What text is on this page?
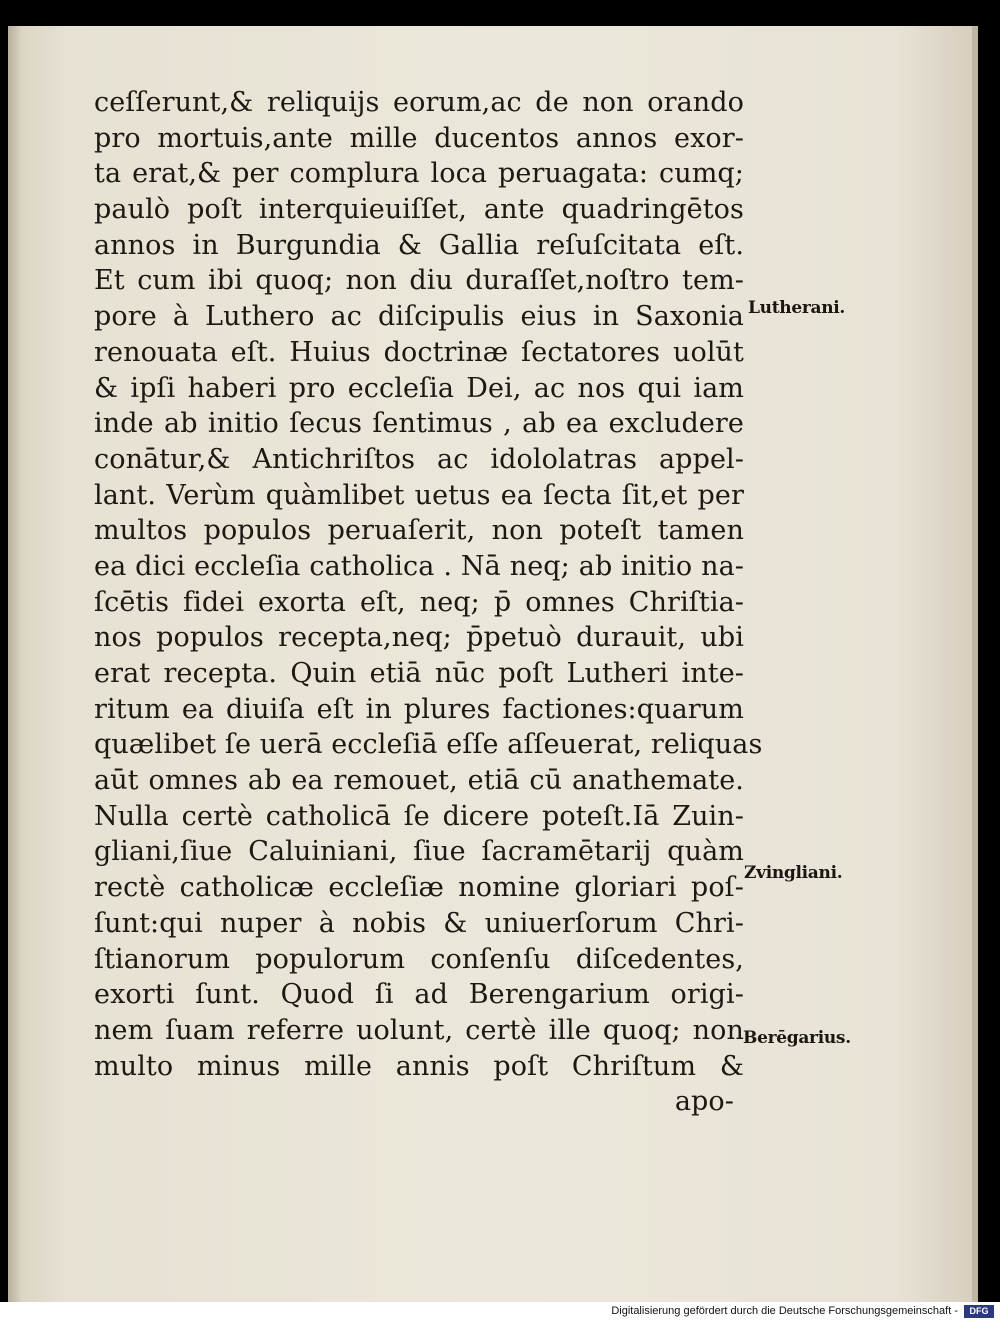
ceſſerunt,& reliquijs eorum,ac de non orando
pro mortuis,ante mille ducentos annos exor-
ta erat,& per complura loca peruagata: cumq;
paulò poſt interquieuiſſet, ante quadringētos
annos in Burgundia & Gallia reſuſcitata eſt.
Et cum ibi quoq; non diu duraſſet,noſtro tem-
pore à Luthero ac diſcipulis eius in Saxonia
renouata eſt. Huius doctrinæ ſectatores uolūt
& ipſi haberi pro eccleſia Dei, ac nos qui iam
inde ab initio ſecus ſentimus , ab ea excludere
conātur,& Antichriſtos ac idololatras appel-
lant. Verùm quàmlibet uetus ea ſecta ſit,et per
multos populos peruaſerit, non poteſt tamen
ea dici eccleſia catholica . Nā neq; ab initio na-
ſcētis fidei exorta eſt, neq; p̄ omnes Chriſtia-
nos populos recepta,neq; p̄petuò durauit, ubi
erat recepta. Quin etiā nūc poſt Lutheri inte-
ritum ea diuiſa eſt in plures factiones:quarum
quælibet ſe uerā eccleſiā eſſe aſſeuerat, reliquas
aūt omnes ab ea remouet, etiā cū anathemate.
Nulla certè catholicā ſe dicere poteſt.Iā Zuin-
gliani,ſiue Caluiniani, ſiue ſacramētarij quàm
rectè catholicæ eccleſiæ nomine gloriari poſ-
ſunt:qui nuper à nobis & uniuerſorum Chri-
ſtianorum populorum conſenſu diſcedentes,
exorti ſunt. Quod ſi ad Berengarium origi-
nem ſuam referre uolunt, certè ille quoq; non
multo minus mille annis poſt Chriſtum &
apo-
Lutherani.
Zvingliani.
Berēgarius.
Digitalisierung gefördert durch die Deutsche Forschungsgemeinschaft -	DFG
